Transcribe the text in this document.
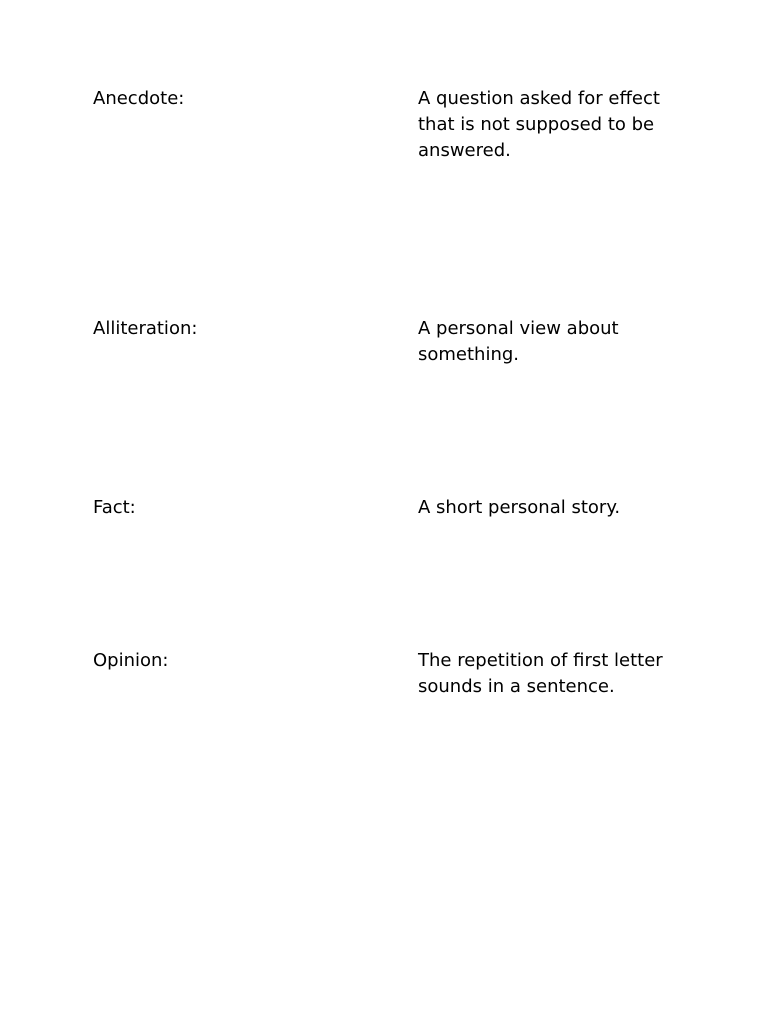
Anecdote:	A question asked for effect that is not supposed to be answered.
Alliteration:	A personal view about something.
Fact:	A short personal story.
Opinion:	The repetition of first letter sounds in a sentence.
